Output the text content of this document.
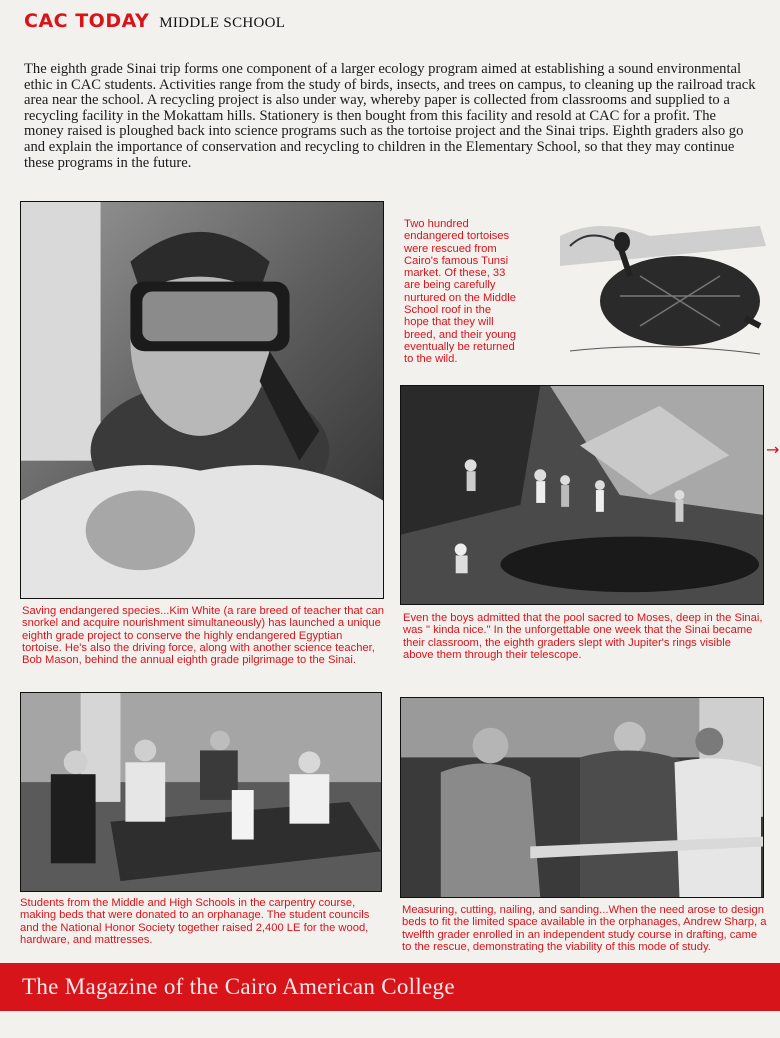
CAC TODAY MIDDLE SCHOOL

The eighth grade Sinai trip forms one component of a larger ecology program aimed at establishing a sound environmental ethic in CAC students. Activities range from the study of birds, insects, and trees on campus, to cleaning up the railroad track area near the school. A recycling project is also under way, whereby paper is collected from classrooms and supplied to a recycling facility in the Mokattam hills. Stationery is then bought from this facility and resold at CAC for a profit. The money raised is ploughed back into science programs such as the tortoise project and the Sinai trips. Eighth graders also go and explain the importance of conservation and recycling to children in the Elementary School, so that they may continue these programs in the future.

Two hundred endangered tortoises were rescued from Cairo's famous Tunsi market. Of these, 33 are being carefully nurtured on the Middle School roof in the hope that they will breed, and their young eventually be returned to the wild.
Saving endangered species...Kim White (a rare breed of teacher that can snorkel and acquire nourishment simultaneously) has launched a unique eighth grade project to conserve the highly endangered Egyptian tortoise. He's also the driving force, along with another science teacher, Bob Mason, behind the annual eighth grade pilgrimage to the Sinai.
Even the boys admitted that the pool sacred to Moses, deep in the Sinai, was " kinda nice." In the unforgettable one week that the Sinai became their classroom, the eighth graders slept with Jupiter's rings visible above them through their telescope.
Students from the Middle and High Schools in the carpentry course, making beds that were donated to an orphanage. The student councils and the National Honor Society together raised 2,400 LE for the wood, hardware, and mattresses.
Measuring, cutting, nailing, and sanding...When the need arose to design beds to fit the limited space available in the orphanages, Andrew Sharp, a twelfth grader enrolled in an independent study course in drafting, came to the rescue, demonstrating the viability of this mode of study.
→
The Magazine of the Cairo American College
